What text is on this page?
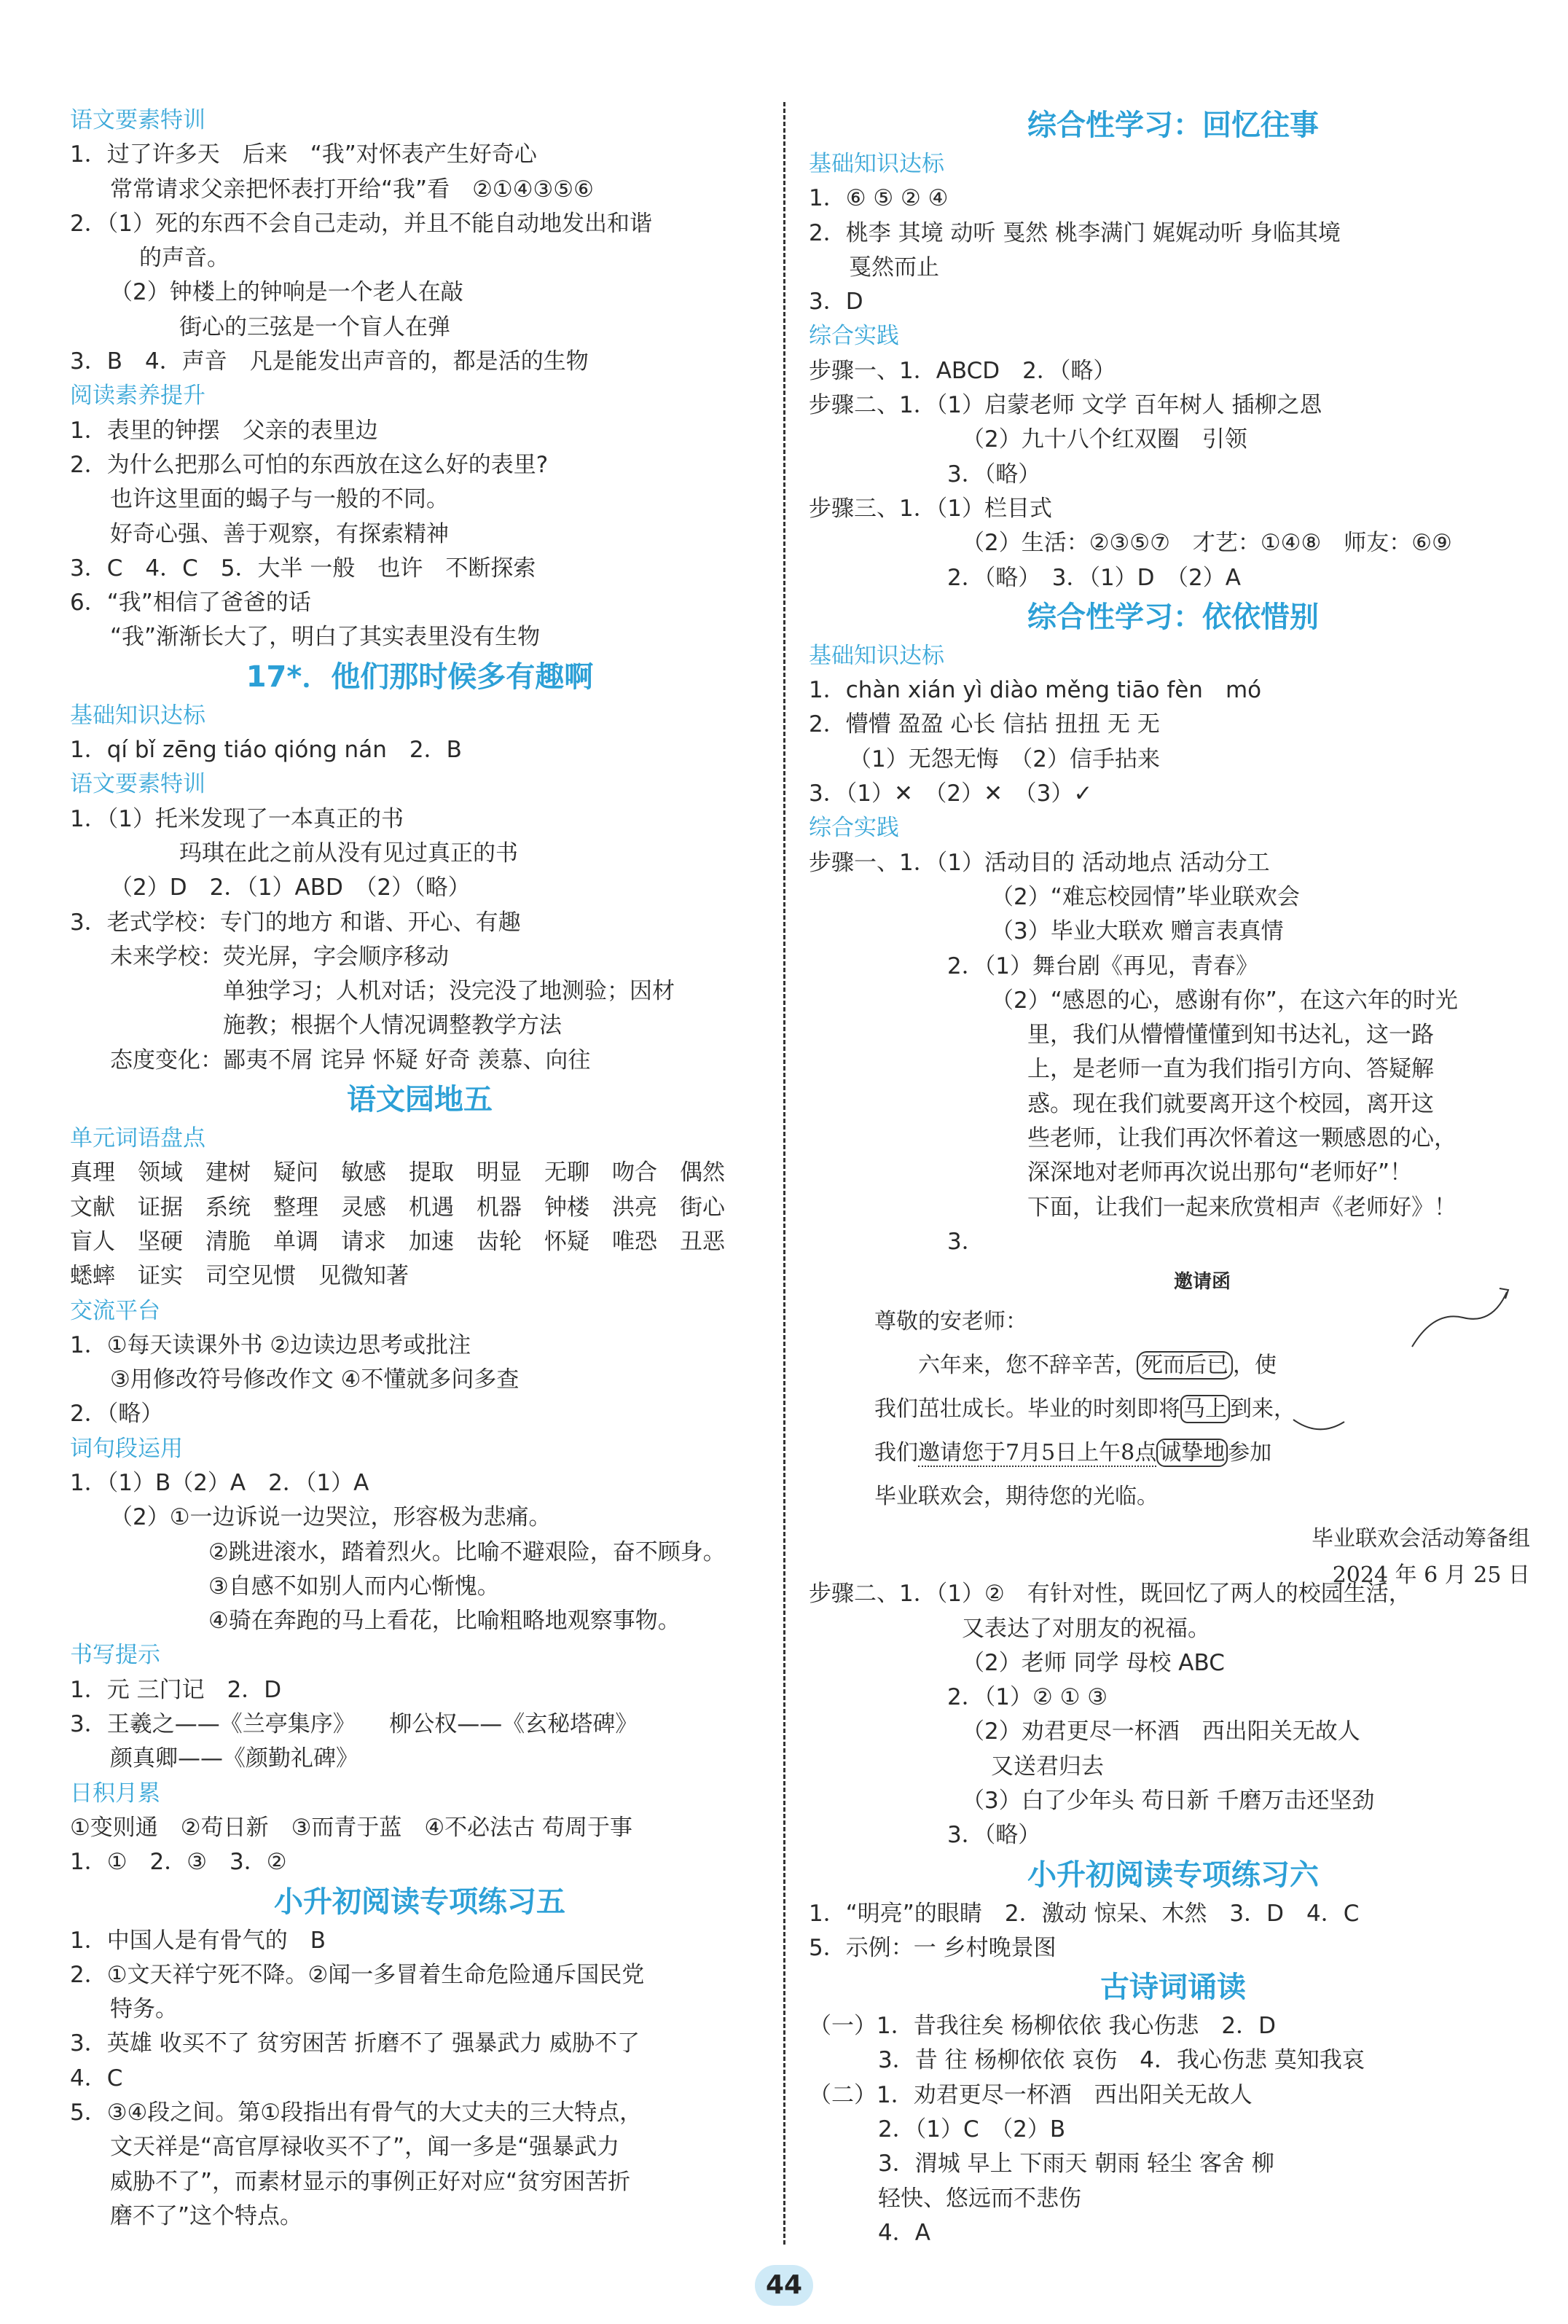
语文要素特训
1．过了许多天　后来　“我”对怀表产生好奇心
常常请求父亲把怀表打开给“我”看　②①④③⑤⑥
2．（1）死的东西不会自己走动，并且不能自动地发出和谐
的声音。
（2）钟楼上的钟响是一个老人在敲
街心的三弦是一个盲人在弹
3．B　4．声音　凡是能发出声音的，都是活的生物
阅读素养提升
1．表里的钟摆　父亲的表里边
2．为什么把那么可怕的东西放在这么好的表里?
也许这里面的蝎子与一般的不同。
好奇心强、善于观察，有探索精神
3．C　4．C　5．大半 一般　也许　不断探索
6．“我”相信了爸爸的话
“我”渐渐长大了，明白了其实表里没有生物
17*．他们那时候多有趣啊
基础知识达标
1．qí bǐ zēng tiáo qióng nán　2．B
语文要素特训
1．（1）托米发现了一本真正的书
玛琪在此之前从没有见过真正的书
（2）D　2．（1）ABD　（2）（略）
3．老式学校：专门的地方 和谐、开心、有趣
未来学校：荧光屏，字会顺序移动
单独学习；人机对话；没完没了地测验；因材
施教；根据个人情况调整教学方法
态度变化：鄙夷不屑 诧异 怀疑 好奇 羡慕、向往
语文园地五
单元词语盘点
真理　领域　建树　疑问　敏感　提取　明显　无聊　吻合　偶然
文献　证据　系统　整理　灵感　机遇　机器　钟楼　洪亮　街心
盲人　坚硬　清脆　单调　请求　加速　齿轮　怀疑　唯恐　丑恶
蟋蟀　证实　司空见惯　见微知著
交流平台
1．①每天读课外书 ②边读边思考或批注
③用修改符号修改作文 ④不懂就多问多查
2．（略）
词句段运用
1．（1）B（2）A　2．（1）A
（2）①一边诉说一边哭泣，形容极为悲痛。
②跳进滚水，踏着烈火。比喻不避艰险，奋不顾身。
③自感不如别人而内心惭愧。
④骑在奔跑的马上看花，比喻粗略地观察事物。
书写提示
1．元 三门记　2．D
3．王羲之——《兰亭集序》　　柳公权——《玄秘塔碑》
颜真卿——《颜勤礼碑》
日积月累
①变则通　②苟日新　③而青于蓝　④不必法古 苟周于事
1．①　2．③　3．②
小升初阅读专项练习五
1．中国人是有骨气的　B
2．①文天祥宁死不降。②闻一多冒着生命危险通斥国民党
特务。
3．英雄 收买不了 贫穷困苦 折磨不了 强暴武力 威胁不了
4．C
5．③④段之间。第①段指出有骨气的大丈夫的三大特点，
文天祥是“高官厚禄收买不了”，闻一多是“强暴武力
威胁不了”，而素材显示的事例正好对应“贫穷困苦折
磨不了”这个特点。
综合性学习：回忆往事
基础知识达标
1．⑥ ⑤ ② ④
2．桃李 其境 动听 戛然 桃李满门 娓娓动听 身临其境
戛然而止
3．D
综合实践
步骤一、1．ABCD　2．（略）
步骤二、1．（1）启蒙老师 文学 百年树人 插柳之恩
（2）九十八个红双圈　引领
3．（略）
步骤三、1．（1）栏目式
（2）生活：②③⑤⑦　才艺：①④⑧　师友：⑥⑨
2．（略）　3．（1）D　（2）A
综合性学习：依依惜别
基础知识达标
1．chàn xián yì diào měng tiāo fèn　mó
2．懵懵 盈盈 心长 信拈 扭扭 无 无
（1）无怨无悔　（2）信手拈来
3．（1）✕　（2）✕　（3）✓
综合实践
步骤一、1．（1）活动目的 活动地点 活动分工
（2）“难忘校园情”毕业联欢会
（3）毕业大联欢 赠言表真情
2．（1）舞台剧《再见，青春》
（2）“感恩的心，感谢有你”，在这六年的时光
里，我们从懵懵懂懂到知书达礼，这一路
上，是老师一直为我们指引方向、答疑解
惑。现在我们就要离开这个校园，离开这
些老师，让我们再次怀着这一颗感恩的心，
深深地对老师再次说出那句“老师好”！
下面，让我们一起来欣赏相声《老师好》！
3．
邀请函
尊敬的安老师：
六年来，您不辞辛苦， 死而后已 ，使
我们茁壮成长。毕业的时刻即将 马上 到来，
我们邀请您于7月5日上午8点 诚挚地 参加
毕业联欢会，期待您的光临。
毕业联欢会活动筹备组
2024 年 6 月 25 日
步骤二、1．（1）②　有针对性，既回忆了两人的校园生活，
又表达了对朋友的祝福。
（2）老师 同学 母校 ABC
2．（1）② ① ③
（2）劝君更尽一杯酒　西出阳关无故人
又送君归去
（3）白了少年头 苟日新 千磨万击还坚劲
3．（略）
小升初阅读专项练习六
1．“明亮”的眼睛　2．激动 惊呆、木然　3．D　4．C
5．示例：一 乡村晚景图
古诗词诵读
（一）1．昔我往矣 杨柳依依 我心伤悲　2．D
3．昔 往 杨柳依依 哀伤　4．我心伤悲 莫知我哀
（二）1．劝君更尽一杯酒　西出阳关无故人
2．（1）C　（2）B
3．渭城 早上 下雨天 朝雨 轻尘 客舍 柳
轻快、悠远而不悲伤
4．A
44
